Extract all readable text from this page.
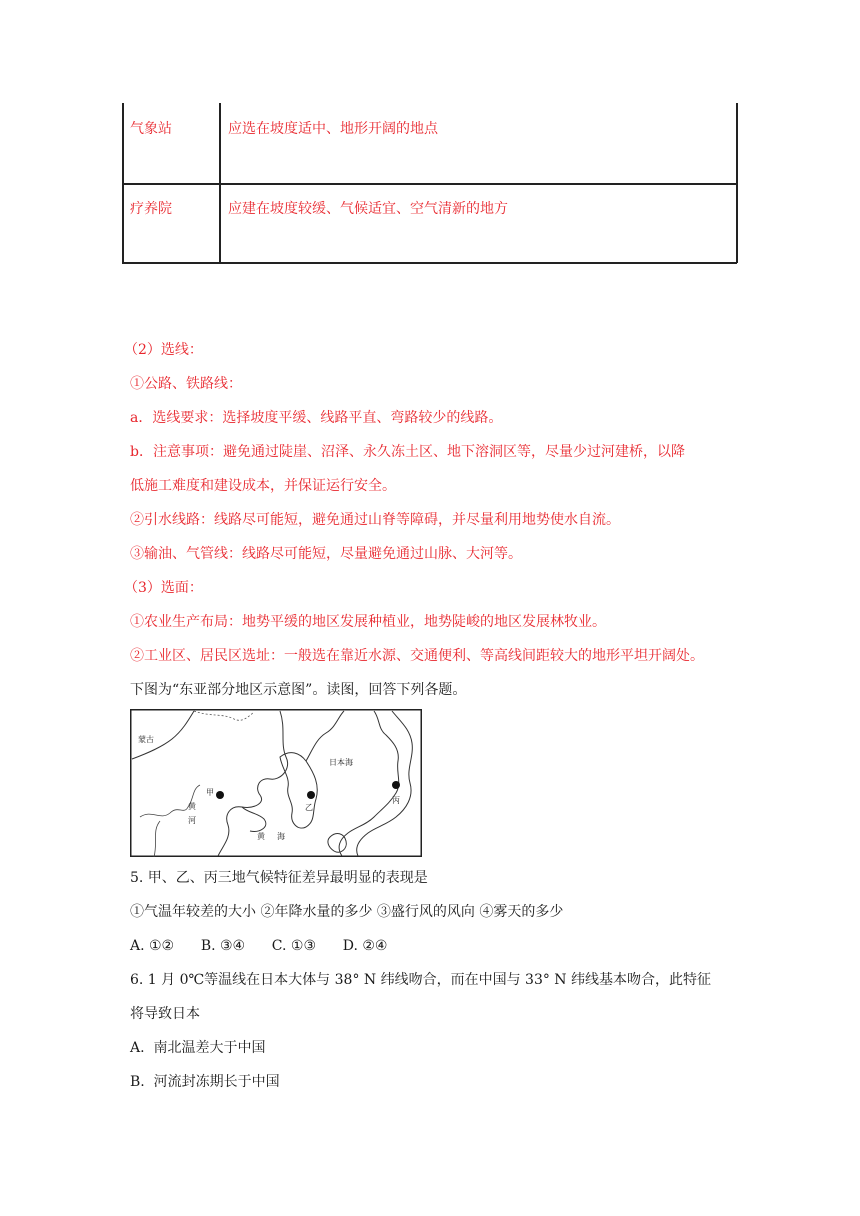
气象站	应选在坡度适中、地形开阔的地点
疗养院	应建在坡度较缓、气候适宜、空气清新的地方
（2）选线：
①公路、铁路线：
a．选线要求：选择坡度平缓、线路平直、弯路较少的线路。
b．注意事项：避免通过陡崖、沼泽、永久冻土区、地下溶洞区等，尽量少过河建桥，以降
低施工难度和建设成本，并保证运行安全。
②引水线路：线路尽可能短，避免通过山脊等障碍，并尽量利用地势使水自流。
③输油、气管线：线路尽可能短，尽量避免通过山脉、大河等。
（3）选面：
①农业生产布局：地势平缓的地区发展种植业，地势陡峻的地区发展林牧业。
②工业区、居民区选址：一般选在靠近水源、交通便利、等高线间距较大的地形平坦开阔处。
下图为“东亚部分地区示意图”。读图，回答下列各题。
蒙古
日本海
甲
乙
丙
黄
河
黄 海
5. 甲、乙、丙三地气候特征差异最明显的表现是
①气温年较差的大小 ②年降水量的多少 ③盛行风的风向 ④雾天的多少
A. ①②      B. ③④      C. ①③      D. ②④
6. 1 月 0℃等温线在日本大体与 38° N 纬线吻合，而在中国与 33° N 纬线基本吻合，此特征
将导致日本
A.  南北温差大于中国
B.  河流封冻期长于中国
